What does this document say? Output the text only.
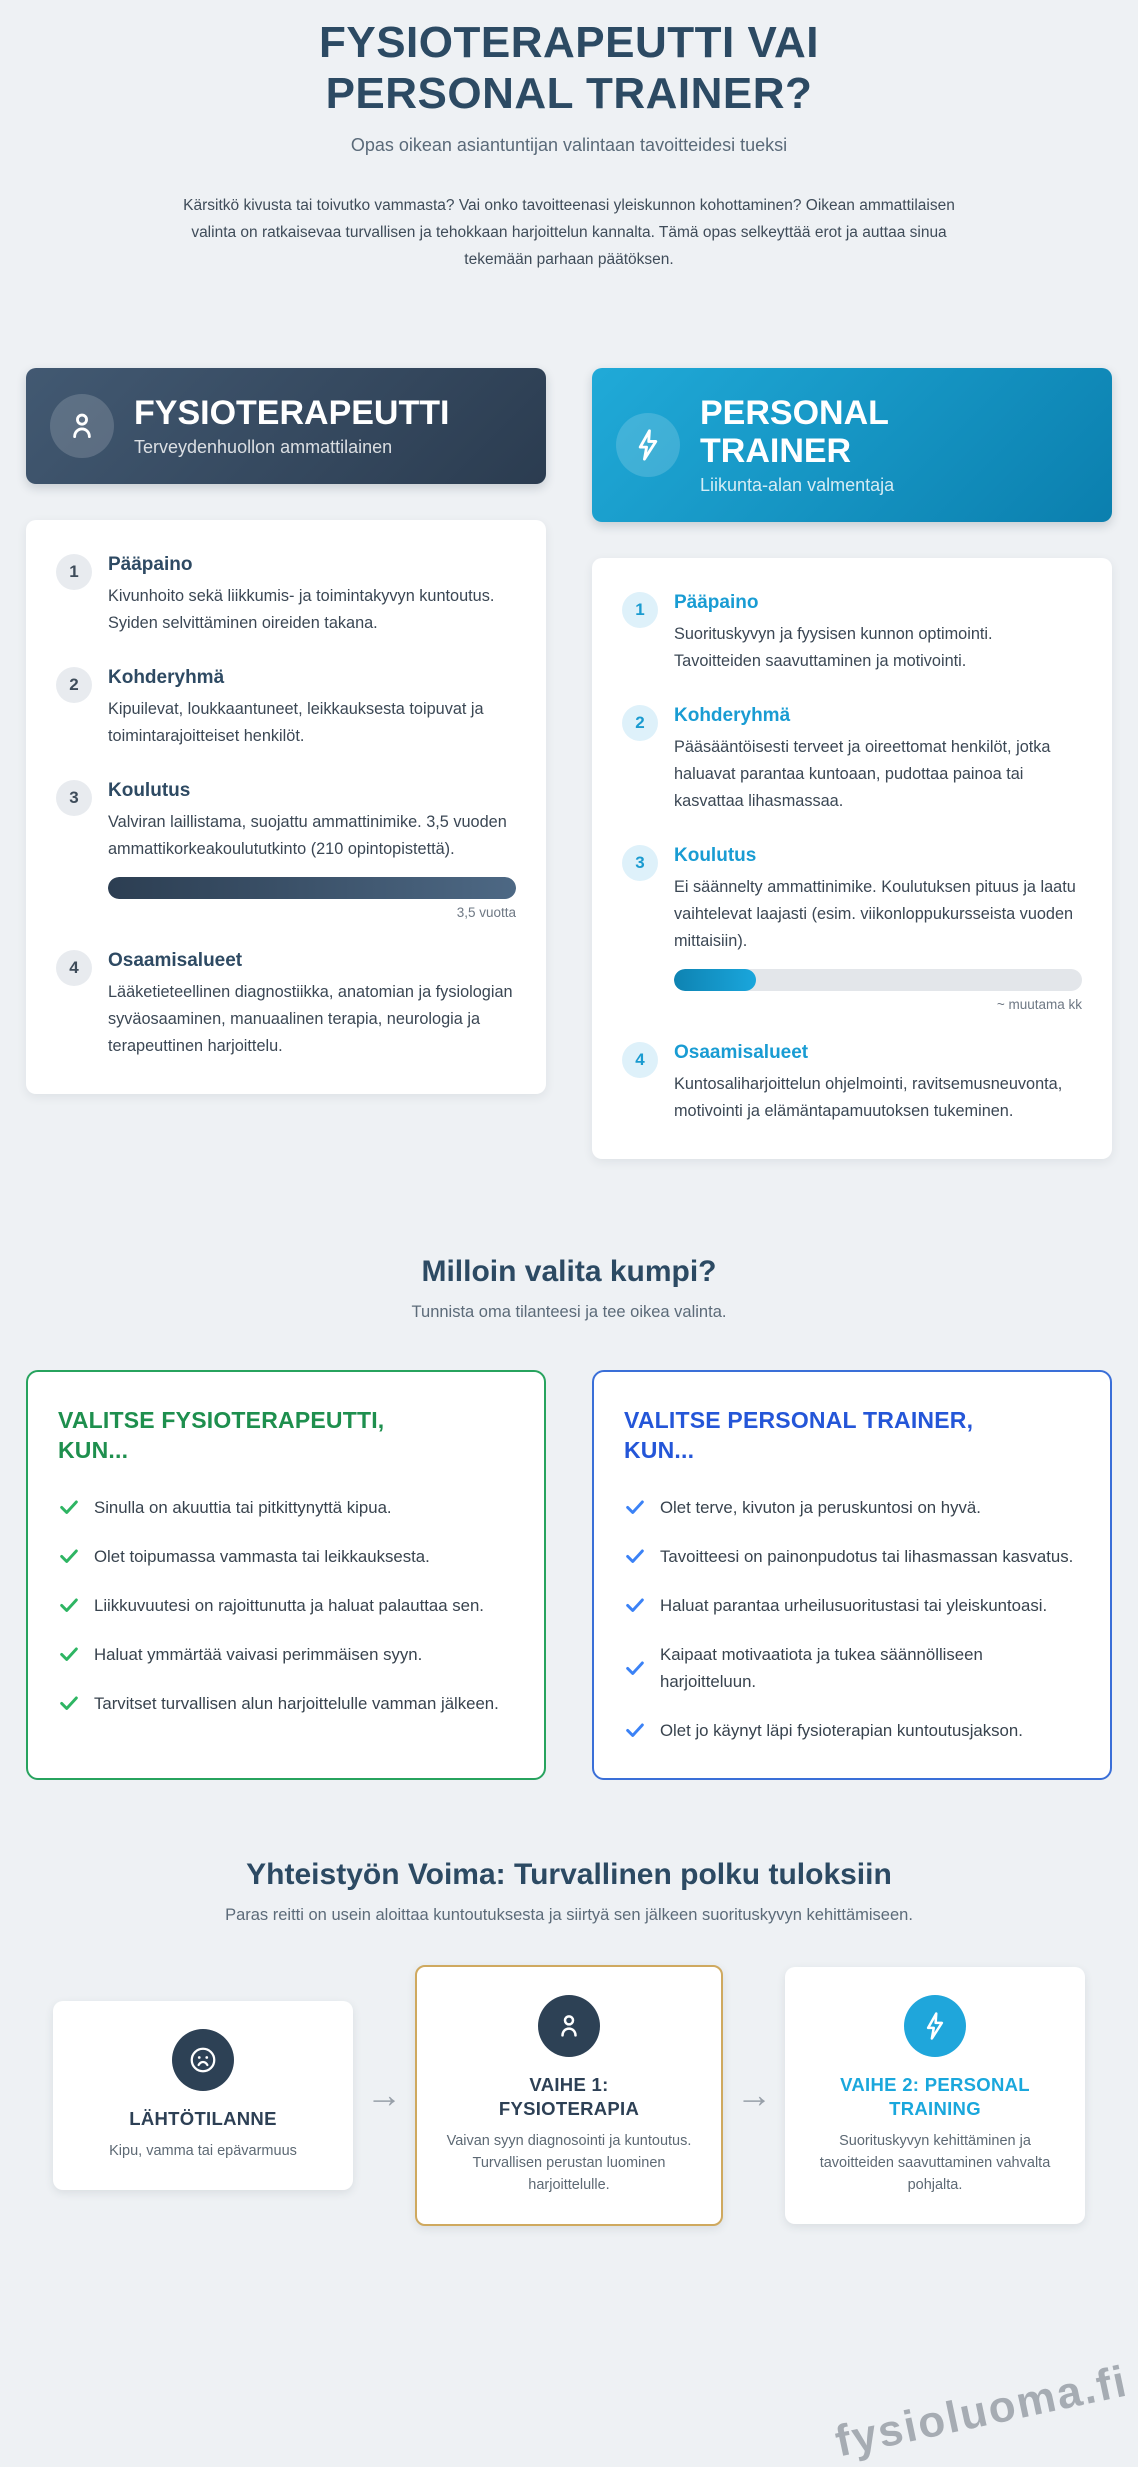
FYSIOTERAPEUTTI VAI PERSONAL TRAINER?
Opas oikean asiantuntijan valintaan tavoitteidesi tueksi

Kärsitkö kivusta tai toivutko vammasta? Vai onko tavoitteenasi yleiskunnon kohottaminen? Oikean ammattilaisen valinta on ratkaisevaa turvallisen ja tehokkaan harjoittelun kannalta. Tämä opas selkeyttää erot ja auttaa sinua tekemään parhaan päätöksen.

FYSIOTERAPEUTTI
Terveydenhuollon ammattilainen
1	Pääpaino

Kivunhoito sekä liikkumis- ja toimintakyvyn kuntoutus. Syiden selvittäminen oireiden takana.

2	Kohderyhmä

Kipuilevat, loukkaantuneet, leikkauksesta toipuvat ja toimintarajoitteiset henkilöt.

3	Koulutus

Valviran laillistama, suojattu ammattinimike. 3,5 vuoden ammattikorkeakoulututkinto (210 opintopistettä).

3,5 vuotta
4	Osaamisalueet

Lääketieteellinen diagnostiikka, anatomian ja fysiologian syväosaaminen, manuaalinen terapia, neurologia ja terapeuttinen harjoittelu.

PERSONAL TRAINER
Liikunta-alan valmentaja
1	Pääpaino

Suorituskyvyn ja fyysisen kunnon optimointi. Tavoitteiden saavuttaminen ja motivointi.

2	Kohderyhmä

Pääsääntöisesti terveet ja oireettomat henkilöt, jotka haluavat parantaa kuntoaan, pudottaa painoa tai kasvattaa lihasmassaa.

3	Koulutus

Ei säännelty ammattinimike. Koulutuksen pituus ja laatu vaihtelevat laajasti (esim. viikonloppukursseista vuoden mittaisiin).

~ muutama kk
4	Osaamisalueet

Kuntosaliharjoittelun ohjelmointi, ravitsemusneuvonta, motivointi ja elämäntapamuutoksen tukeminen.

Milloin valita kumpi?
Tunnista oma tilanteesi ja tee oikea valinta.
VALITSE FYSIOTERAPEUTTI, KUN...
Sinulla on akuuttia tai pitkittynyttä kipua.
Olet toipumassa vammasta tai leikkauksesta.
Liikkuvuutesi on rajoittunutta ja haluat palauttaa sen.
Haluat ymmärtää vaivasi perimmäisen syyn.
Tarvitset turvallisen alun harjoittelulle vamman jälkeen.
VALITSE PERSONAL TRAINER, KUN...
Olet terve, kivuton ja peruskuntosi on hyvä.
Tavoitteesi on painonpudotus tai lihasmassan kasvatus.
Haluat parantaa urheilusuoritustasi tai yleiskuntoasi.
Kaipaat motivaatiota ja tukea säännölliseen harjoitteluun.
Olet jo käynyt läpi fysioterapian kuntoutusjakson.
Yhteistyön Voima: Turvallinen polku tuloksiin
Paras reitti on usein aloittaa kuntoutuksesta ja siirtyä sen jälkeen suorituskyvyn kehittämiseen.
LÄHTÖTILANNE
Kipu, vamma tai epävarmuus
→	VAIHE 1: FYSIOTERAPIA
Vaivan syyn diagnosointi ja kuntoutus. Turvallisen perustan luominen harjoittelulle.
→	VAIHE 2: PERSONAL TRAINING
Suorituskyvyn kehittäminen ja tavoitteiden saavuttaminen vahvalta pohjalta.
fysioluoma.fi
